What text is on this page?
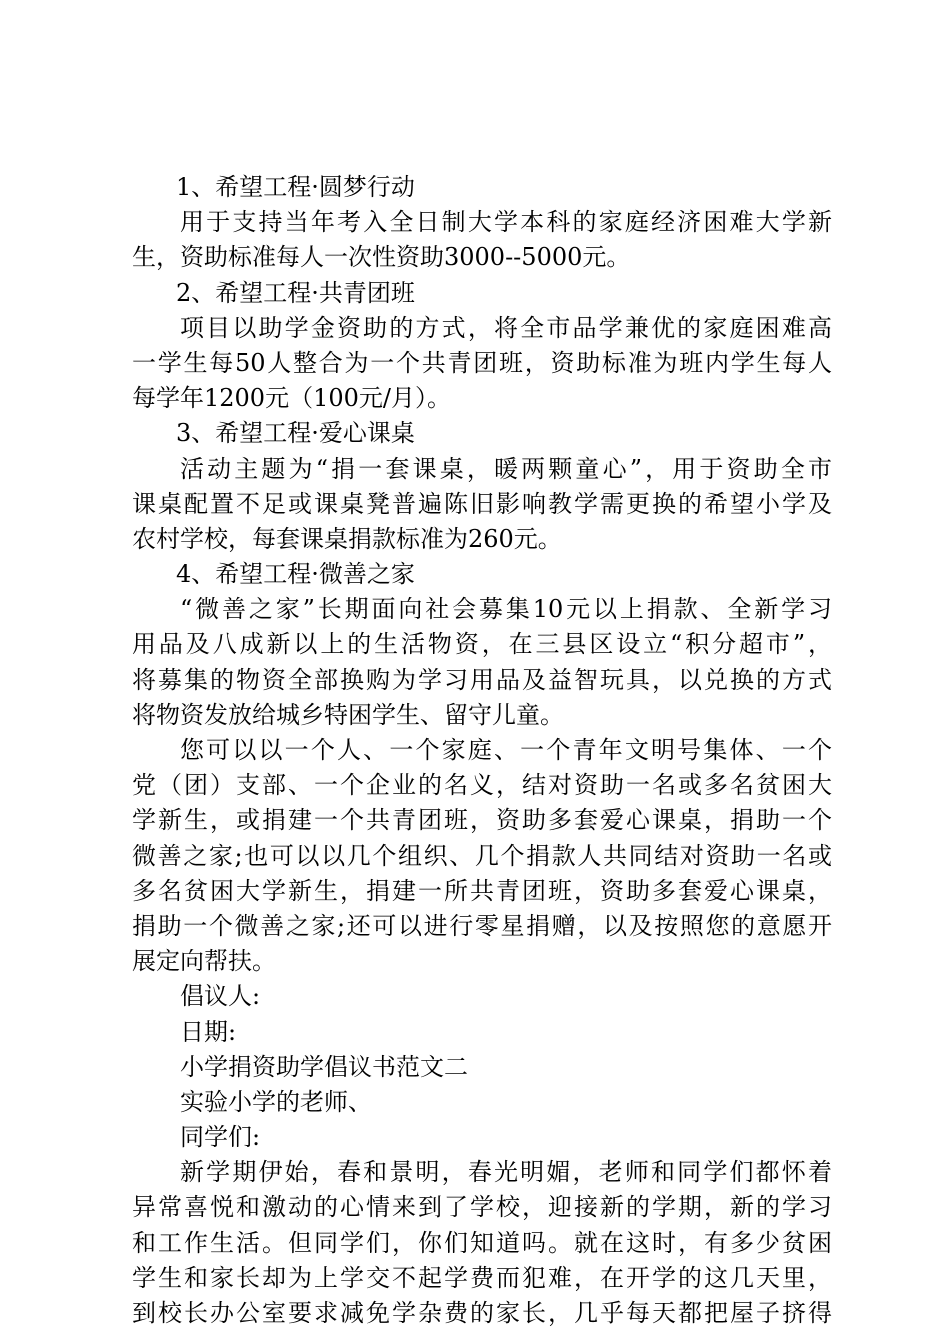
1、希望工程·圆梦行动
用于支持当年考入全日制大学本科的家庭经济困难大学新
生，资助标准每人一次性资助3000--5000元。
2、希望工程·共青团班
项目以助学金资助的方式，将全市品学兼优的家庭困难高
一学生每50人整合为一个共青团班，资助标准为班内学生每人
每学年1200元（100元/月）。
3、希望工程·爱心课桌
活动主题为“捐一套课桌，暖两颗童心”，用于资助全市
课桌配置不足或课桌凳普遍陈旧影响教学需更换的希望小学及
农村学校，每套课桌捐款标准为260元。
4、希望工程·微善之家
“微善之家”长期面向社会募集10元以上捐款、全新学习
用品及八成新以上的生活物资，在三县区设立“积分超市”，
将募集的物资全部换购为学习用品及益智玩具，以兑换的方式
将物资发放给城乡特困学生、留守儿童。
您可以以一个人、一个家庭、一个青年文明号集体、一个
党（团）支部、一个企业的名义，结对资助一名或多名贫困大
学新生，或捐建一个共青团班，资助多套爱心课桌，捐助一个
微善之家;也可以以几个组织、几个捐款人共同结对资助一名或
多名贫困大学新生，捐建一所共青团班，资助多套爱心课桌，
捐助一个微善之家;还可以进行零星捐赠，以及按照您的意愿开
展定向帮扶。
倡议人:
日期:
小学捐资助学倡议书范文二
实验小学的老师、
同学们:
新学期伊始，春和景明，春光明媚，老师和同学们都怀着
异常喜悦和激动的心情来到了学校，迎接新的学期，新的学习
和工作生活。但同学们，你们知道吗。就在这时，有多少贫困
学生和家长却为上学交不起学费而犯难，在开学的这几天里，
到校长办公室要求减免学杂费的家长，几乎每天都把屋子挤得
